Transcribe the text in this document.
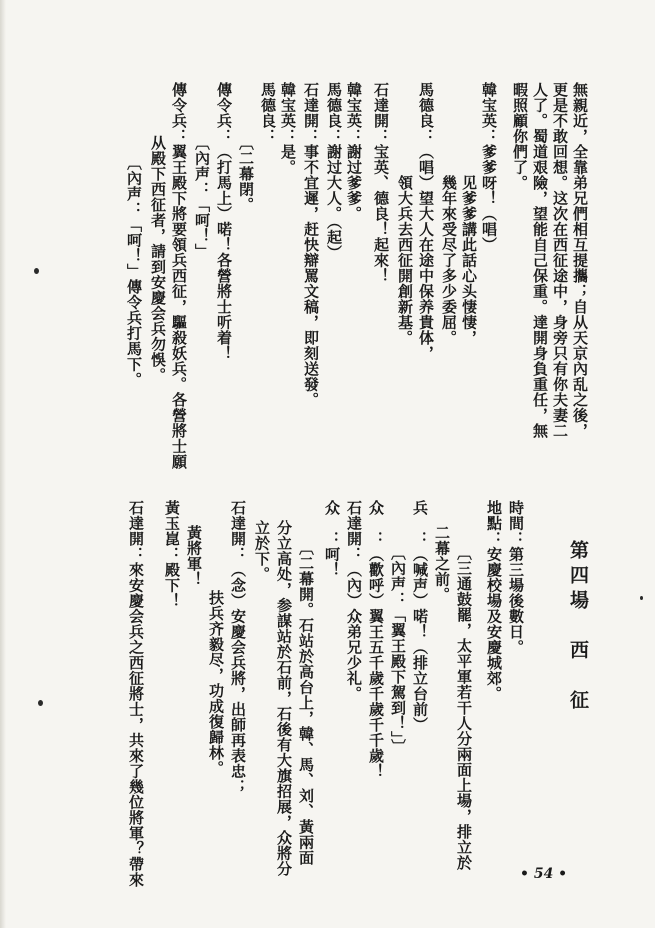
無親近，全靠弟兄們相互提攜；自从天京內乱之後，
更是不敢回想。这次在西征途中，身旁只有你夫妻二
人了。蜀道艰險，望能自己保重。達開身負重任，無
暇照顧你們了。
韓宝英：爹爹呀！（唱）
见爹爹講此話心头悽悽，
幾年來受尽了多少委屈。
馬德良：（唱）望大人在途中保养貴体，
領大兵去西征開創新基。
石達開：宝英、德良！起來！
韓宝英：謝过爹爹。
馬德良：謝过大人。（起）
石達開：事不宜遲，赶快辯罵文稿，即刻送發。
韓宝英：是。
馬德良：
〔二幕閉。
傳令兵：（打馬上）喏！各營將士听着！
〔內声：「呵！」
傳令兵：翼王殿下將要領兵西征，驅殺妖兵。各營將士願
从殿下西征者，請到安慶会兵勿悞。
〔內声：「呵！」傳令兵打馬下。
第四場　西　征
時間：第三場後數日。
地點：安慶校場及安慶城郊。
〔三通鼓罷，太平軍若干人分兩面上場，排立於
二幕之前。
兵　：（喊声）喏！（排立台前）
〔內声：「翼王殿下駕到！」〕
众　：（歡呼）翼王五千歲千歲千千歲！
石達開：（內）众弟兄少礼。
众　：呵！
〔二幕開。石站於高台上，韓、馬、刘、黃兩面
分立高处，参謀站於石前，石後有大旗招展，众將分
立於下。
石達開：（念）安慶会兵將，出師再表忠；
扶兵齐毅尽，功成復歸林。
黃將軍！
黃玉崑：殿下！
石達開：來安慶会兵之西征將士，共來了幾位將軍？帶來	• 54 •
